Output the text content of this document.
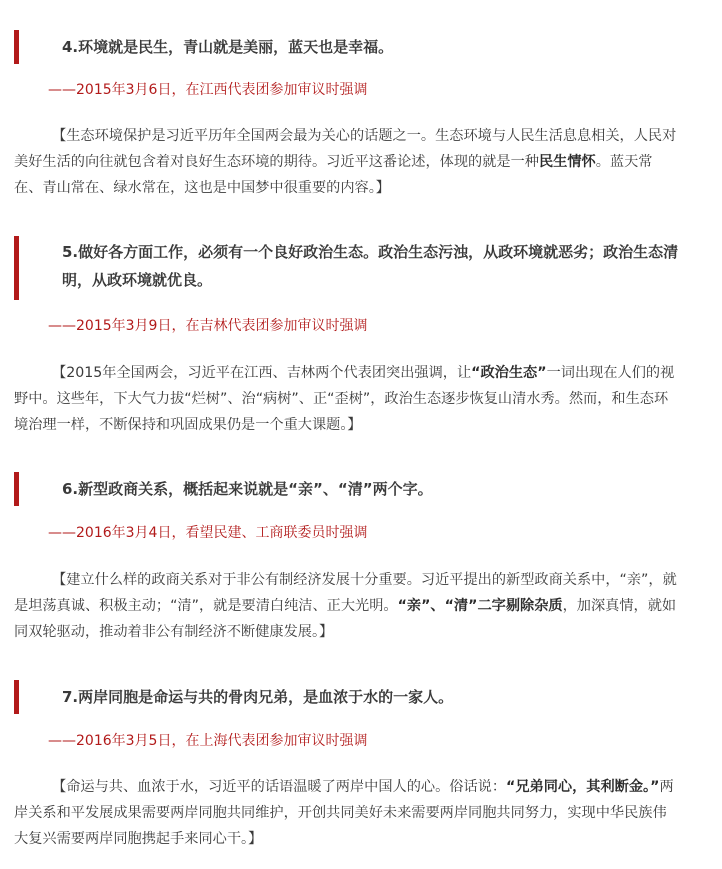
4.环境就是民生，青山就是美丽，蓝天也是幸福。

——2015年3月6日，在江西代表团参加审议时强调

【生态环境保护是习近平历年全国两会最为关心的话题之一。生态环境与人民生活息息相关，人民对美好生活的向往就包含着对良好生态环境的期待。习近平这番论述，体现的就是一种民生情怀。蓝天常在、青山常在、绿水常在，这也是中国梦中很重要的内容。】

5.做好各方面工作，必须有一个良好政治生态。政治生态污浊，从政环境就恶劣；政治生态清明，从政环境就优良。

——2015年3月9日，在吉林代表团参加审议时强调

【2015年全国两会，习近平在江西、吉林两个代表团突出强调，让“政治生态”一词出现在人们的视野中。这些年，下大气力拔“烂树”、治“病树”、正“歪树”，政治生态逐步恢复山清水秀。然而，和生态环境治理一样，不断保持和巩固成果仍是一个重大课题。】

6.新型政商关系，概括起来说就是“亲”、“清”两个字。

——2016年3月4日，看望民建、工商联委员时强调

【建立什么样的政商关系对于非公有制经济发展十分重要。习近平提出的新型政商关系中，“亲”，就是坦荡真诚、积极主动；“清”，就是要清白纯洁、正大光明。“亲”、“清”二字剔除杂质，加深真情，就如同双轮驱动，推动着非公有制经济不断健康发展。】

7.两岸同胞是命运与共的骨肉兄弟，是血浓于水的一家人。

——2016年3月5日，在上海代表团参加审议时强调

【命运与共、血浓于水，习近平的话语温暖了两岸中国人的心。俗话说：“兄弟同心，其利断金。”两岸关系和平发展成果需要两岸同胞共同维护，开创共同美好未来需要两岸同胞共同努力，实现中华民族伟大复兴需要两岸同胞携起手来同心干。】
